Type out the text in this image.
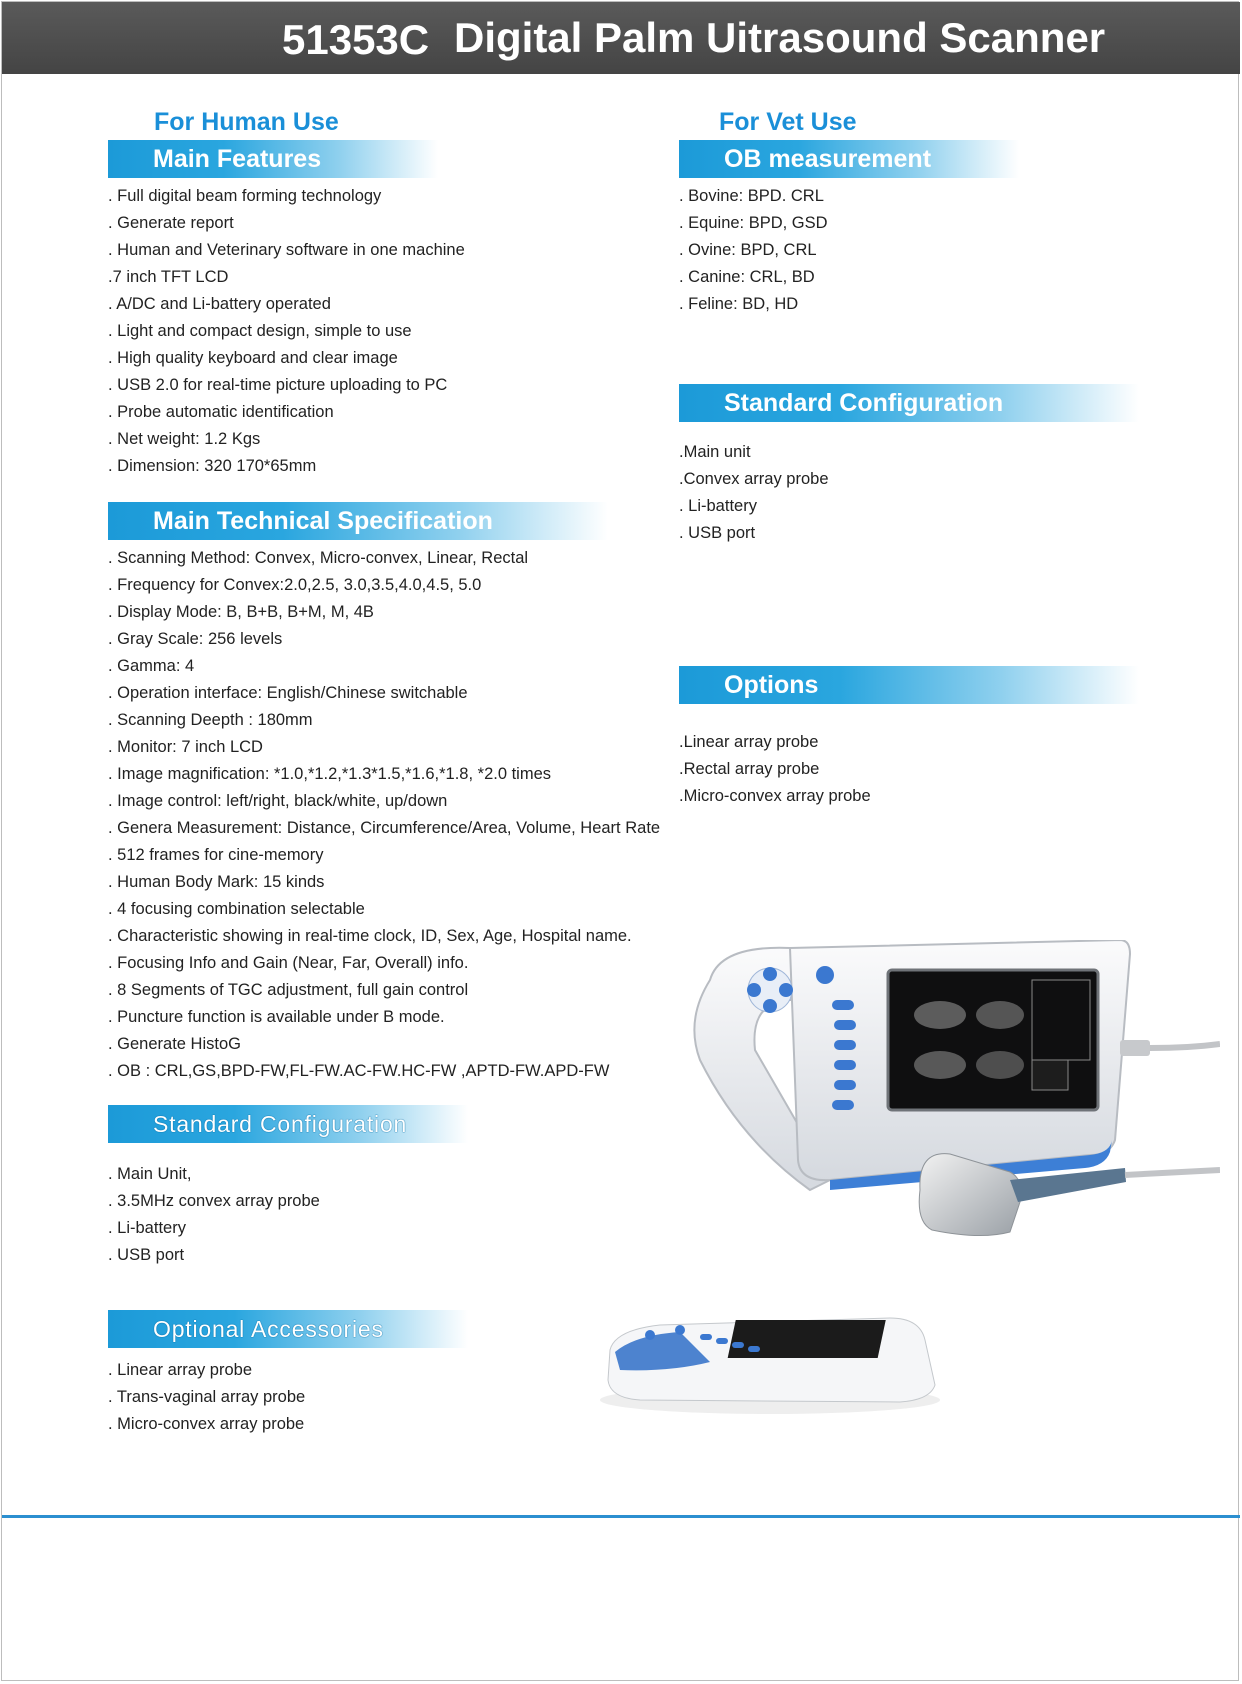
51353C Digital Palm Uitrasound Scanner
For Human Use
Main Features
. Full digital beam forming technology
. Generate report
. Human and Veterinary software in one machine
.7 inch TFT LCD
. A/DC and Li-battery operated
. Light and compact design, simple to use
. High quality keyboard and clear image
. USB 2.0 for real-time picture uploading to PC
. Probe automatic identification
. Net weight: 1.2 Kgs
. Dimension: 320 170*65mm
Main Technical Specification
. Scanning Method: Convex, Micro-convex, Linear, Rectal
. Frequency for Convex:2.0,2.5, 3.0,3.5,4.0,4.5, 5.0
. Display Mode: B, B+B, B+M, M, 4B
. Gray Scale: 256 levels
. Gamma: 4
. Operation interface: English/Chinese switchable
. Scanning Deepth : 180mm
. Monitor: 7 inch LCD
. Image magnification: *1.0,*1.2,*1.3*1.5,*1.6,*1.8, *2.0 times
. Image control: left/right, black/white, up/down
. Genera Measurement: Distance, Circumference/Area, Volume, Heart Rate
. 512 frames for cine-memory
. Human Body Mark: 15 kinds
. 4 focusing combination selectable
. Characteristic showing in real-time clock, ID, Sex, Age, Hospital name.
. Focusing Info and Gain (Near, Far, Overall) info.
. 8 Segments of TGC adjustment, full gain control
. Puncture function is available under B mode.
. Generate HistoG
. OB : CRL,GS,BPD-FW,FL-FW.AC-FW.HC-FW ,APTD-FW.APD-FW
Standard Configuration
. Main Unit,
. 3.5MHz convex array probe
. Li-battery
. USB port
Optional Accessories
. Linear array probe
. Trans-vaginal array probe
. Micro-convex array probe
For Vet Use
OB measurement
. Bovine: BPD. CRL
. Equine: BPD, GSD
. Ovine: BPD, CRL
. Canine: CRL, BD
. Feline: BD, HD
Standard Configuration
.Main unit
.Convex array probe
. Li-battery
. USB port
Options
.Linear array probe
.Rectal array probe
.Micro-convex array probe
